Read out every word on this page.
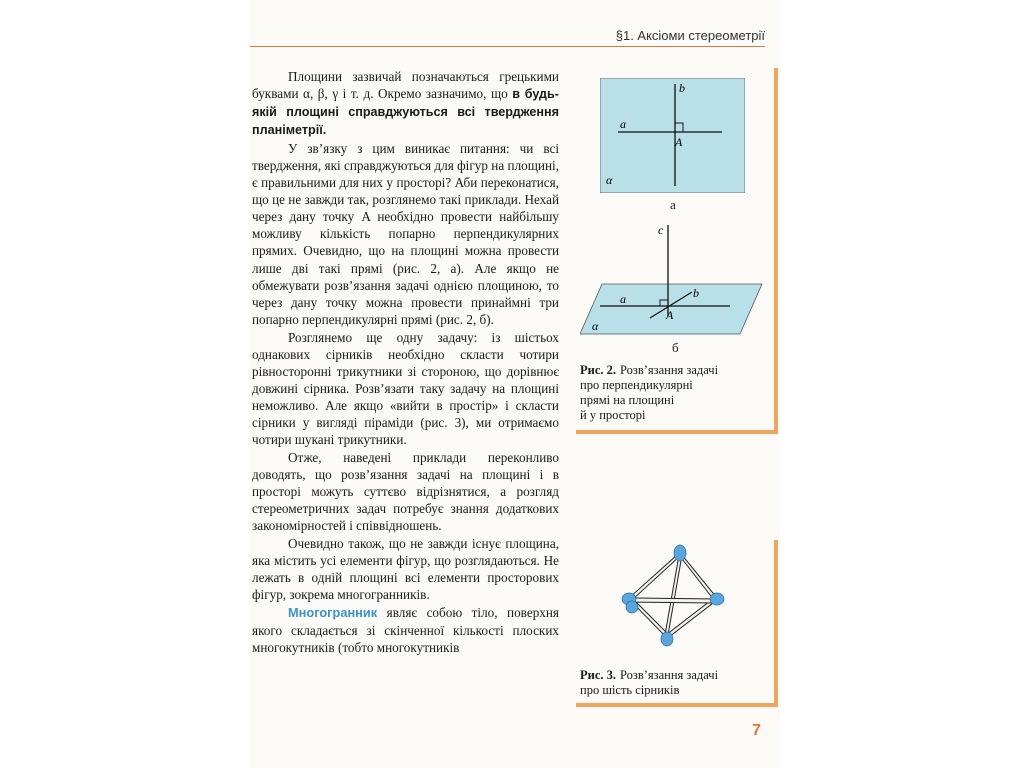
§1. Аксіоми стереометрії

Площини зазвичай позначаються грецькими буквами α, β, γ і т. д. Окремо зазначимо, що в будь-якій площині справджуються всі твердження планіметрії.

У зв’язку з цим виникає питання: чи всі твердження, які справджуються для фігур на площині, є правильними для них у просторі? Аби переконатися, що це не завжди так, розглянемо такі приклади. Нехай через дану точку A необхідно провести найбільшу можливу кількість попарно перпендикулярних прямих. Очевидно, що на площині можна провести лише дві такі прямі (рис. 2, а). Але якщо не обмежувати розв’язання задачі однією площиною, то через дану точку можна провести принаймні три попарно перпендикулярні прямі (рис. 2, б).

Розглянемо ще одну задачу: із шістьох однакових сірників необхідно скласти чотири рівносторонні трикутники зі стороною, що дорівнює довжині сірника. Розв’язати таку задачу на площині неможливо. Але якщо «вийти в простір» і скласти сірники у вигляді піраміди (рис. 3), ми отримаємо чотири шукані трикутники.

Отже, наведені приклади переконливо доводять, що розв’язання задачі на площині і в просторі можуть суттєво відрізнятися, а розгляд стереометричних задач потребує знання додаткових закономірностей і співвідношень.

Очевидно також, що не завжди існує площина, яка містить усі елементи фігур, що розглядаються. Не лежать в одній площині всі елементи просторових фігур, зокрема многогранників.

Многогранник являє собою тіло, поверхня якого складається зі скінченної кількості плоских многокутників (тобто многокутників

a
b
A
α
а
c
a	b
A
α
б
Рис. 2. Розв’язання задачі
про перпендикулярні
прямі на площині
й у просторі
Рис. 3. Розв’язання задачі
про шість сірників
7
